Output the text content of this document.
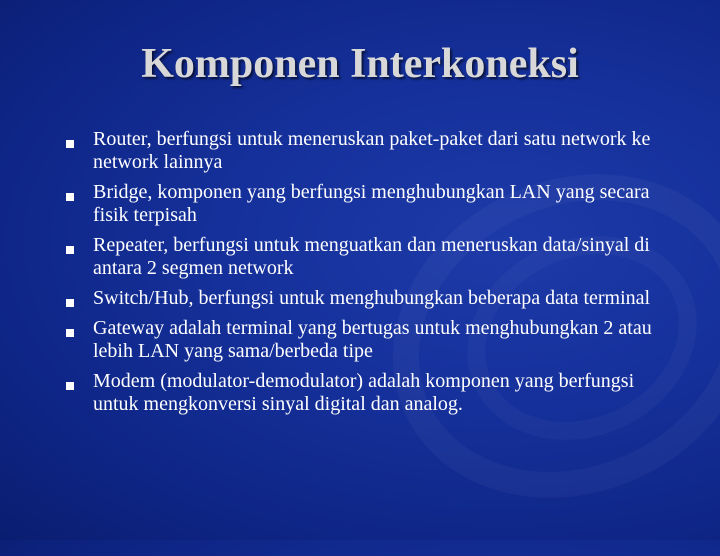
Komponen Interkoneksi
Router, berfungsi untuk meneruskan paket-paket dari satu network ke network lainnya
Bridge, komponen yang berfungsi menghubungkan LAN yang secara fisik terpisah
Repeater, berfungsi untuk menguatkan dan meneruskan data/sinyal di antara 2 segmen network
Switch/Hub, berfungsi untuk menghubungkan beberapa data terminal
Gateway adalah terminal yang bertugas untuk menghubungkan 2 atau lebih LAN yang sama/berbeda tipe
Modem (modulator-demodulator) adalah komponen yang berfungsi untuk mengkonversi sinyal digital dan analog.
